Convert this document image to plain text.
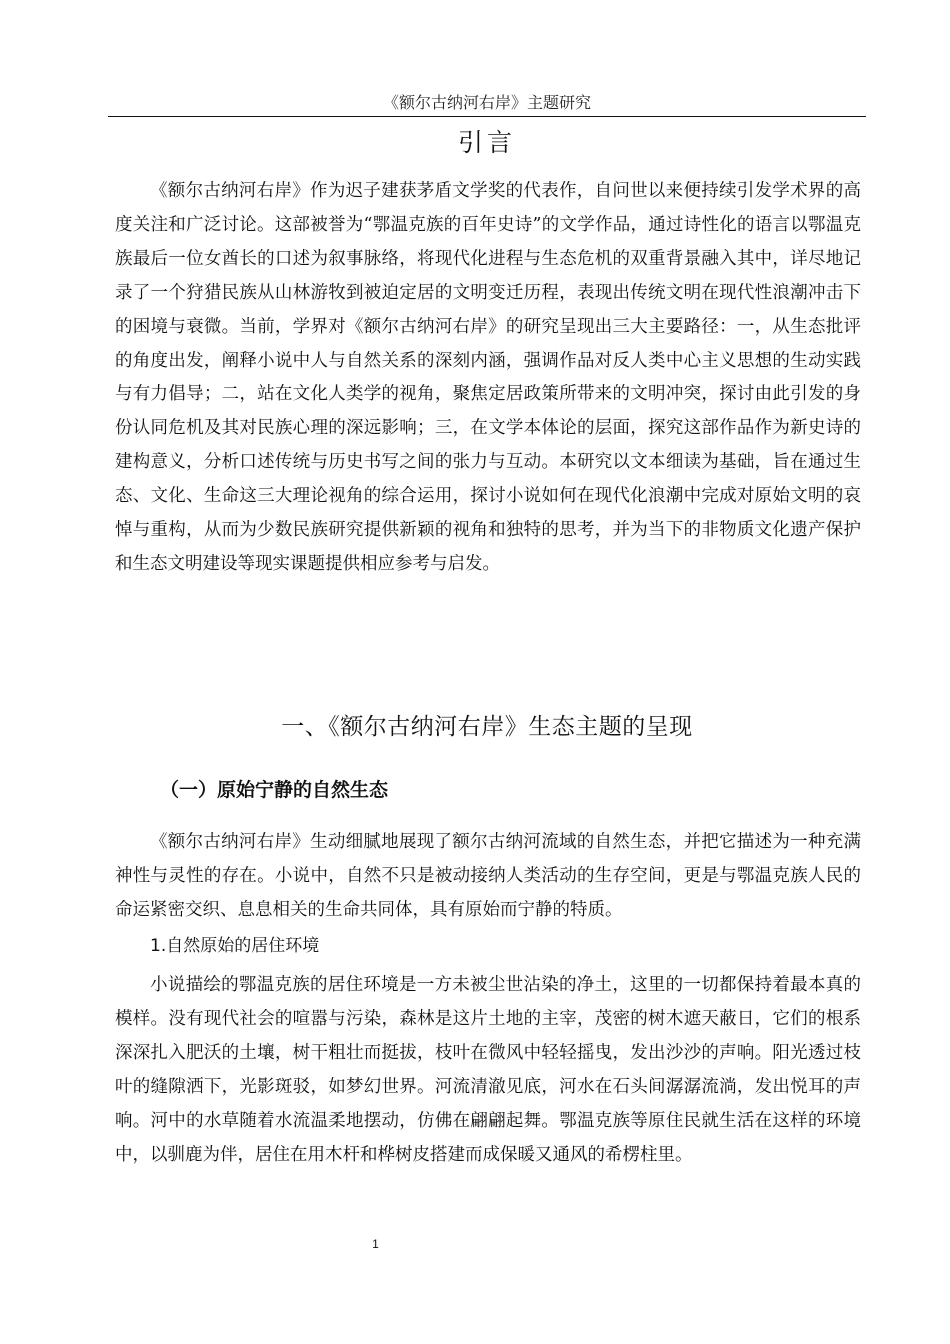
《额尔古纳河右岸》主题研究
引言

《额尔古纳河右岸》作为迟子建获茅盾文学奖的代表作，自问世以来便持续引发学术界的高度关注和广泛讨论。这部被誉为“鄂温克族的百年史诗”的文学作品，通过诗性化的语言以鄂温克族最后一位女酋长的口述为叙事脉络，将现代化进程与生态危机的双重背景融入其中，详尽地记录了一个狩猎民族从山林游牧到被迫定居的文明变迁历程，表现出传统文明在现代性浪潮冲击下的困境与衰微。当前，学界对《额尔古纳河右岸》的研究呈现出三大主要路径：一，从生态批评的角度出发，阐释小说中人与自然关系的深刻内涵，强调作品对反人类中心主义思想的生动实践与有力倡导；二，站在文化人类学的视角，聚焦定居政策所带来的文明冲突，探讨由此引发的身份认同危机及其对民族心理的深远影响；三，在文学本体论的层面，探究这部作品作为新史诗的建构意义，分析口述传统与历史书写之间的张力与互动。本研究以文本细读为基础，旨在通过生态、文化、生命这三大理论视角的综合运用，探讨小说如何在现代化浪潮中完成对原始文明的哀悼与重构，从而为少数民族研究提供新颖的视角和独特的思考，并为当下的非物质文化遗产保护和生态文明建设等现实课题提供相应参考与启发。

一、《额尔古纳河右岸》生态主题的呈现
（一）原始宁静的自然生态

《额尔古纳河右岸》生动细腻地展现了额尔古纳河流域的自然生态，并把它描述为一种充满神性与灵性的存在。小说中，自然不只是被动接纳人类活动的生存空间，更是与鄂温克族人民的命运紧密交织、息息相关的生命共同体，具有原始而宁静的特质。

1.自然原始的居住环境

小说描绘的鄂温克族的居住环境是一方未被尘世沾染的净土，这里的一切都保持着最本真的模样。没有现代社会的喧嚣与污染，森林是这片土地的主宰，茂密的树木遮天蔽日，它们的根系深深扎入肥沃的土壤，树干粗壮而挺拔，枝叶在微风中轻轻摇曳，发出沙沙的声响。阳光透过枝叶的缝隙洒下，光影斑驳，如梦幻世界。河流清澈见底，河水在石头间潺潺流淌，发出悦耳的声响。河中的水草随着水流温柔地摆动，仿佛在翩翩起舞。鄂温克族等原住民就生活在这样的环境中，以驯鹿为伴，居住在用木杆和桦树皮搭建而成保暖又通风的希楞柱里。

1
